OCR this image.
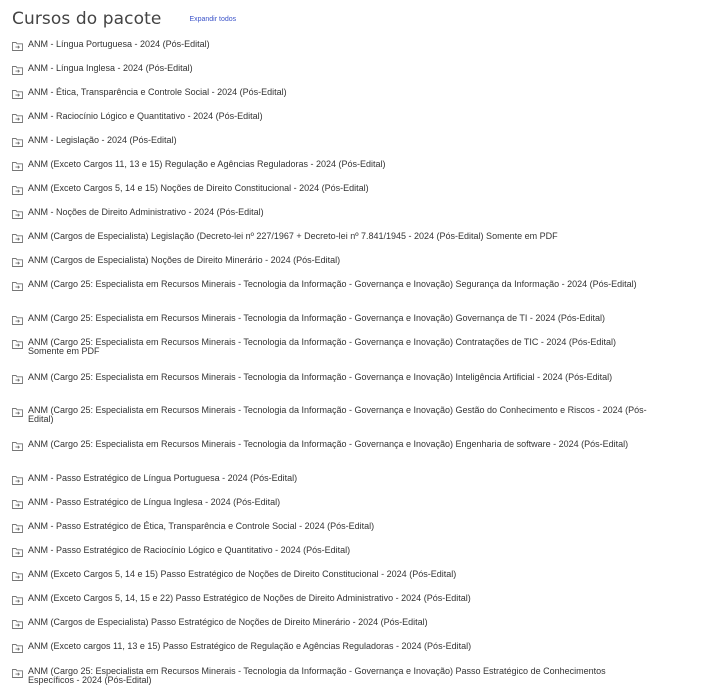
Cursos do pacote	Expandir todos
ANM - Língua Portuguesa - 2024 (Pós-Edital)
ANM - Língua Inglesa - 2024 (Pós-Edital)
ANM - Ética, Transparência e Controle Social - 2024 (Pós-Edital)
ANM - Raciocínio Lógico e Quantitativo - 2024 (Pós-Edital)
ANM - Legislação - 2024 (Pós-Edital)
ANM (Exceto Cargos 11, 13 e 15) Regulação e Agências Reguladoras - 2024 (Pós-Edital)
ANM (Exceto Cargos 5, 14 e 15) Noções de Direito Constitucional - 2024 (Pós-Edital)
ANM - Noções de Direito Administrativo - 2024 (Pós-Edital)
ANM (Cargos de Especialista) Legislação (Decreto-lei nº 227/1967 + Decreto-lei nº 7.841/1945 - 2024 (Pós-Edital) Somente em PDF
ANM (Cargos de Especialista) Noções de Direito Minerário - 2024 (Pós-Edital)
ANM (Cargo 25: Especialista em Recursos Minerais - Tecnologia da Informação - Governança e Inovação) Segurança da Informação - 2024 (Pós-Edital)
ANM (Cargo 25: Especialista em Recursos Minerais - Tecnologia da Informação - Governança e Inovação) Governança de TI - 2024 (Pós-Edital)
ANM (Cargo 25: Especialista em Recursos Minerais - Tecnologia da Informação - Governança e Inovação) Contratações de TIC - 2024 (Pós-Edital) Somente em PDF
ANM (Cargo 25: Especialista em Recursos Minerais - Tecnologia da Informação - Governança e Inovação) Inteligência Artificial - 2024 (Pós-Edital)
ANM (Cargo 25: Especialista em Recursos Minerais - Tecnologia da Informação - Governança e Inovação) Gestão do Conhecimento e Riscos - 2024 (Pós-Edital)
ANM (Cargo 25: Especialista em Recursos Minerais - Tecnologia da Informação - Governança e Inovação) Engenharia de software - 2024 (Pós-Edital)
ANM - Passo Estratégico de Língua Portuguesa - 2024 (Pós-Edital)
ANM - Passo Estratégico de Língua Inglesa - 2024 (Pós-Edital)
ANM - Passo Estratégico de Ética, Transparência e Controle Social - 2024 (Pós-Edital)
ANM - Passo Estratégico de Raciocínio Lógico e Quantitativo - 2024 (Pós-Edital)
ANM (Exceto Cargos 5, 14 e 15) Passo Estratégico de Noções de Direito Constitucional - 2024 (Pós-Edital)
ANM (Exceto Cargos 5, 14, 15 e 22) Passo Estratégico de Noções de Direito Administrativo - 2024 (Pós-Edital)
ANM (Cargos de Especialista) Passo Estratégico de Noções de Direito Minerário - 2024 (Pós-Edital)
ANM (Exceto cargos 11, 13 e 15) Passo Estratégico de Regulação e Agências Reguladoras - 2024 (Pós-Edital)
ANM (Cargo 25: Especialista em Recursos Minerais - Tecnologia da Informação - Governança e Inovação) Passo Estratégico de Conhecimentos Específicos - 2024 (Pós-Edital)
